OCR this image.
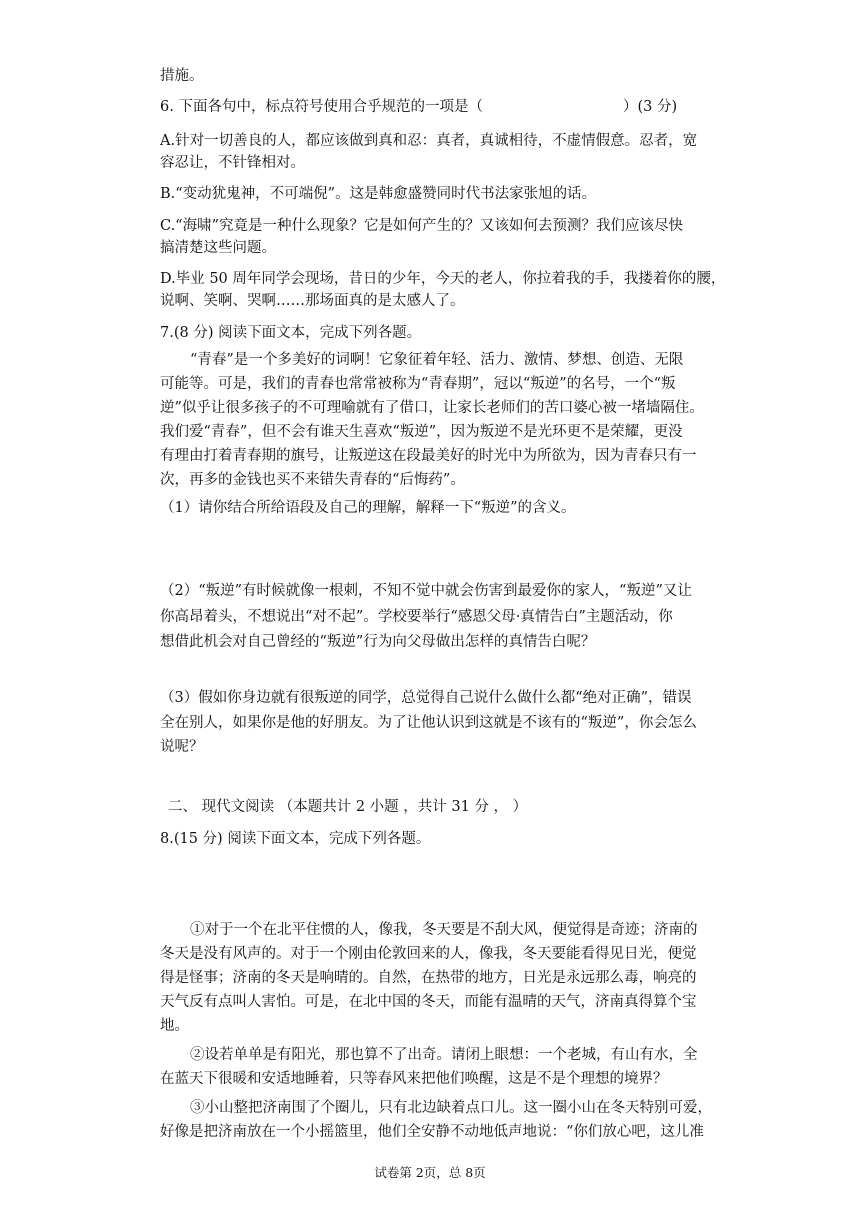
措施。
6. 下面各句中，标点符号使用合乎规范的一项是（	）(3 分)
A.针对一切善良的人，都应该做到真和忍：真者，真诚相待，不虚情假意。忍者，宽
容忍让，不针锋相对。
B.“变动犹鬼神，不可端倪”。这是韩愈盛赞同时代书法家张旭的话。
C.“海啸”究竟是一种什么现象？它是如何产生的？又该如何去预测？我们应该尽快
搞清楚这些问题。
D.毕业 50 周年同学会现场，昔日的少年，今天的老人，你拉着我的手，我搂着你的腰，
说啊、笑啊、哭啊……那场面真的是太感人了。
7.(8 分) 阅读下面文本，完成下列各题。
“青春”是一个多美好的词啊！它象征着年轻、活力、激情、梦想、创造、无限
可能等。可是，我们的青春也常常被称为“青春期”，冠以“叛逆”的名号，一个“叛
逆”似乎让很多孩子的不可理喻就有了借口，让家长老师们的苦口婆心被一堵墙隔住。
我们爱“青春”，但不会有谁天生喜欢“叛逆”，因为叛逆不是光环更不是荣耀，更没
有理由打着青春期的旗号，让叛逆这在段最美好的时光中为所欲为，因为青春只有一
次，再多的金钱也买不来错失青春的“后悔药”。
（1）请你结合所给语段及自己的理解，解释一下“叛逆”的含义。
（2）“叛逆”有时候就像一根刺，不知不觉中就会伤害到最爱你的家人，“叛逆”又让
你高昂着头，不想说出“对不起”。学校要举行“感恩父母·真情告白”主题活动，你
想借此机会对自己曾经的“叛逆”行为向父母做出怎样的真情告白呢？
（3）假如你身边就有很叛逆的同学，总觉得自己说什么做什么都“绝对正确”，错误
全在别人，如果你是他的好朋友。为了让他认识到这就是不该有的“叛逆”，你会怎么
说呢？
二、 现代文阅读 （本题共计 2 小题 ，共计 31 分 ， ）
8.(15 分) 阅读下面文本，完成下列各题。
①对于一个在北平住惯的人，像我，冬天要是不刮大风，便觉得是奇迹；济南的
冬天是没有风声的。对于一个刚由伦敦回来的人，像我，冬天要能看得见日光，便觉
得是怪事；济南的冬天是响晴的。自然，在热带的地方，日光是永远那么毒，响亮的
天气反有点叫人害怕。可是，在北中国的冬天，而能有温晴的天气，济南真得算个宝
地。
②设若单单是有阳光，那也算不了出奇。请闭上眼想：一个老城，有山有水，全
在蓝天下很暖和安适地睡着，只等春风来把他们唤醒，这是不是个理想的境界？
③小山整把济南围了个圈儿，只有北边缺着点口儿。这一圈小山在冬天特别可爱，
好像是把济南放在一个小摇篮里，他们全安静不动地低声地说：“你们放心吧，这儿准
试卷第 2页，总 8页
